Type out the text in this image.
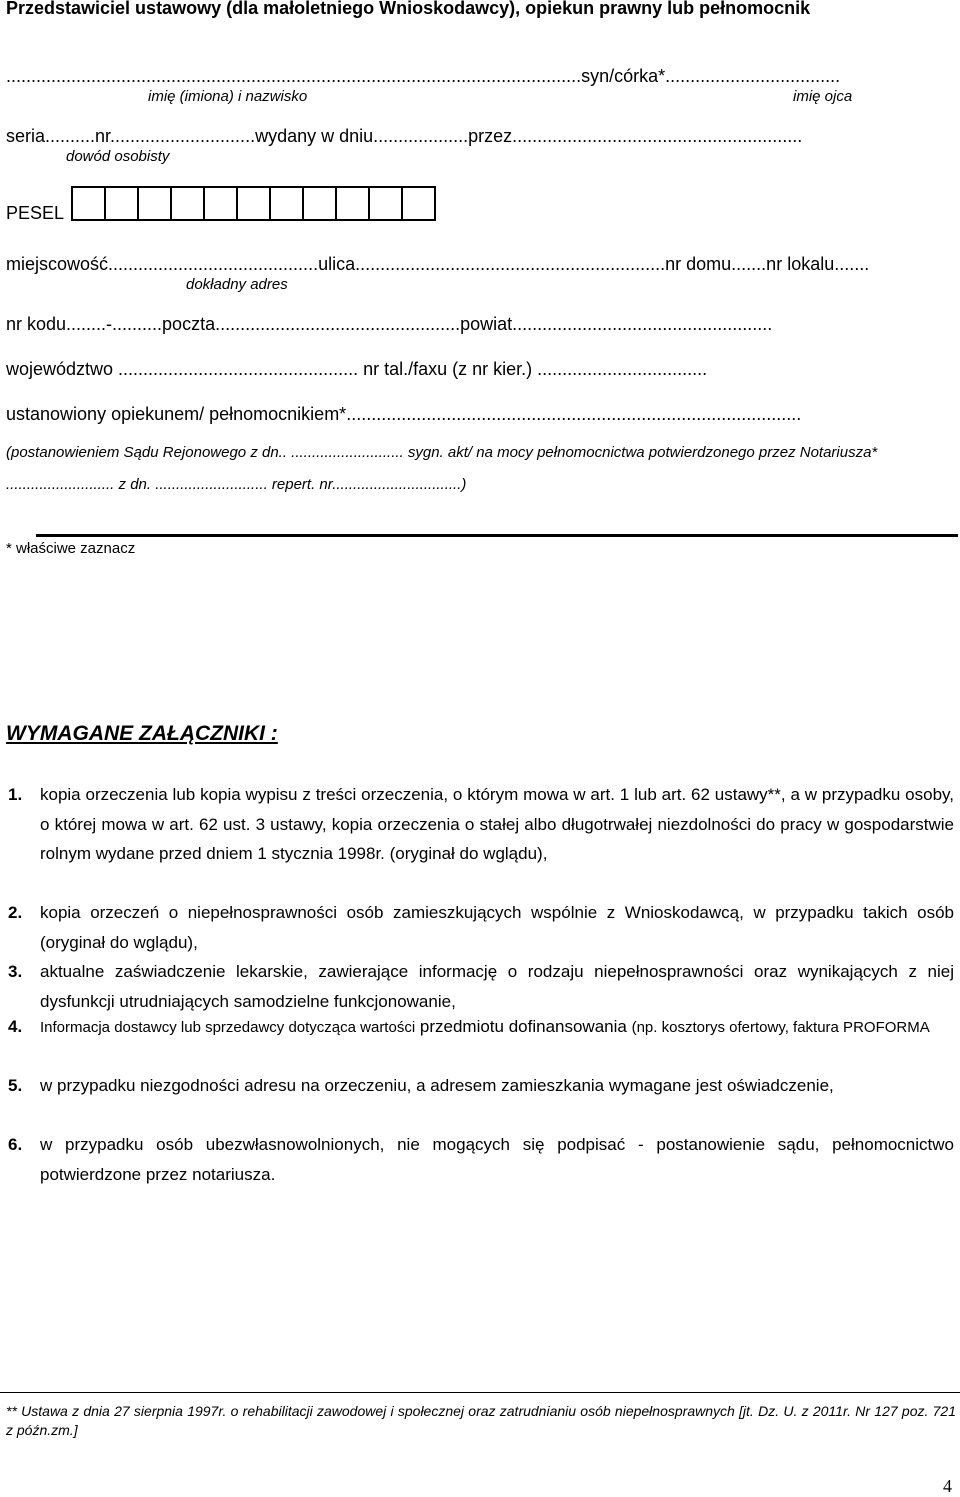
Przedstawiciel ustawowy (dla małoletniego Wnioskodawcy), opiekun prawny lub pełnomocnik
...................................................................................................................syn/córka*...................................
imię (imiona) i nazwisko	imię ojca
seria..........nr.............................wydany w dniu...................przez..........................................................
dowód osobisty
PESEL
miejscowość..........................................ulica..............................................................nr domu.......nr lokalu.......
dokładny adres
nr kodu........-..........poczta.................................................powiat....................................................
województwo ................................................ nr tal./faxu (z nr kier.) ..................................
ustanowiony opiekunem/ pełnomocnikiem*...........................................................................................
(postanowieniem Sądu Rejonowego z dn.. ........................... sygn. akt/ na mocy pełnomocnictwa potwierdzonego przez Notariusza*
.......................... z dn. ........................... repert. nr...............................)
* właściwe zaznacz
WYMAGANE ZAŁĄCZNIKI :
1. kopia orzeczenia lub kopia wypisu z treści orzeczenia, o którym mowa w art. 1 lub art. 62 ustawy**, a w przypadku osoby, o której mowa w art. 62 ust. 3 ustawy, kopia orzeczenia o stałej albo długotrwałej niezdolności do pracy w gospodarstwie rolnym wydane przed dniem 1 stycznia 1998r. (oryginał do wglądu),
2. kopia orzeczeń o niepełnosprawności osób zamieszkujących wspólnie z Wnioskodawcą, w przypadku takich osób (oryginał do wglądu),
3. aktualne zaświadczenie lekarskie, zawierające informację o rodzaju niepełnosprawności oraz wynikających z niej dysfunkcji utrudniających samodzielne funkcjonowanie,
4. Informacja dostawcy lub sprzedawcy dotycząca wartości przedmiotu dofinansowania (np. kosztorys ofertowy, faktura PROFORMA
5. w przypadku niezgodności adresu na orzeczeniu, a adresem zamieszkania wymagane jest oświadczenie,
6. w przypadku osób ubezwłasnowolnionych, nie mogących się podpisać - postanowienie sądu, pełnomocnictwo potwierdzone przez notariusza.
** Ustawa z dnia 27 sierpnia 1997r. o rehabilitacji zawodowej i społecznej oraz zatrudnianiu osób niepełnosprawnych [jt. Dz. U. z 2011r. Nr 127 poz. 721 z późn.zm.]
4
